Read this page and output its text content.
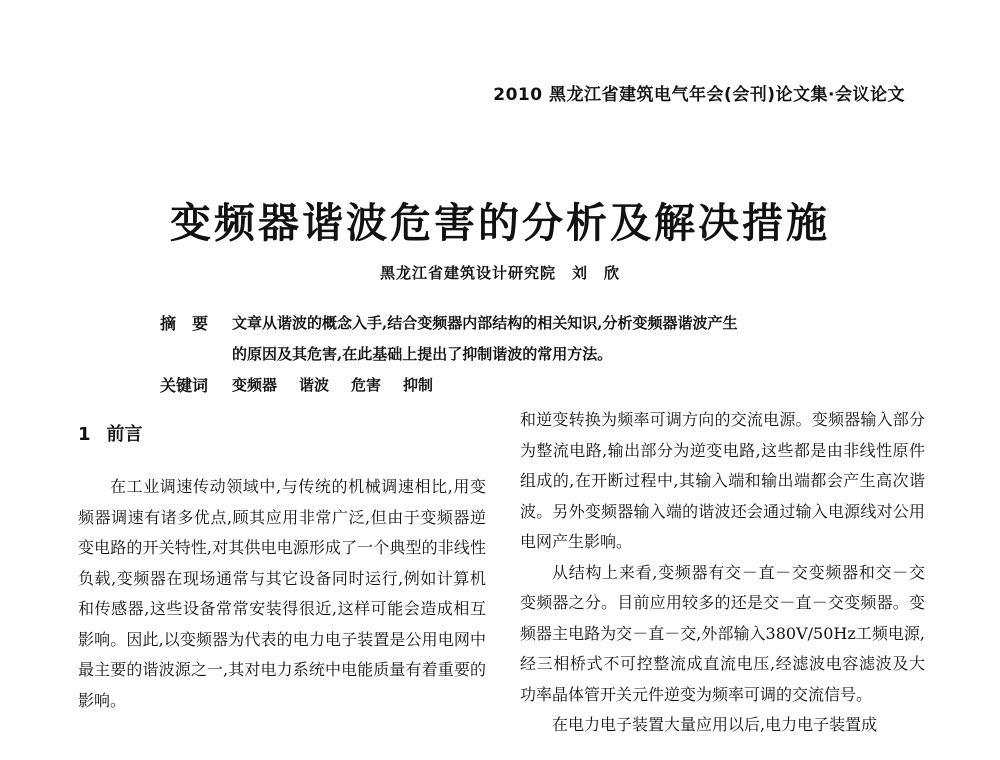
2010 黑龙江省建筑电气年会(会刊)论文集·会议论文
变频器谐波危害的分析及解决措施
黑龙江省建筑设计研究院　刘　欣
摘　要	文章从谐波的概念入手,结合变频器内部结构的相关知识,分析变频器谐波产生
的原因及其危害,在此基础上提出了抑制谐波的常用方法。
关键词	变频器 谐波 危害 抑制
1 前言

在工业调速传动领域中,与传统的机械调速相比,用变频器调速有诸多优点,顾其应用非常广泛,但由于变频器逆变电路的开关特性,对其供电电源形成了一个典型的非线性负载,变频器在现场通常与其它设备同时运行,例如计算机和传感器,这些设备常常安装得很近,这样可能会造成相互影响。因此,以变频器为代表的电力电子装置是公用电网中最主要的谐波源之一,其对电力系统中电能质量有着重要的影响。

和逆变转换为频率可调方向的交流电源。变频器输入部分为整流电路,输出部分为逆变电路,这些都是由非线性原件组成的,在开断过程中,其输入端和输出端都会产生高次谐波。另外变频器输入端的谐波还会通过输入电源线对公用电网产生影响。

从结构上来看,变频器有交－直－交变频器和交－交变频器之分。目前应用较多的还是交－直－交变频器。变频器主电路为交－直－交,外部输入380V/50Hz工频电源,经三相桥式不可控整流成直流电压,经滤波电容滤波及大功率晶体管开关元件逆变为频率可调的交流信号。

在电力电子装置大量应用以后,电力电子装置成
